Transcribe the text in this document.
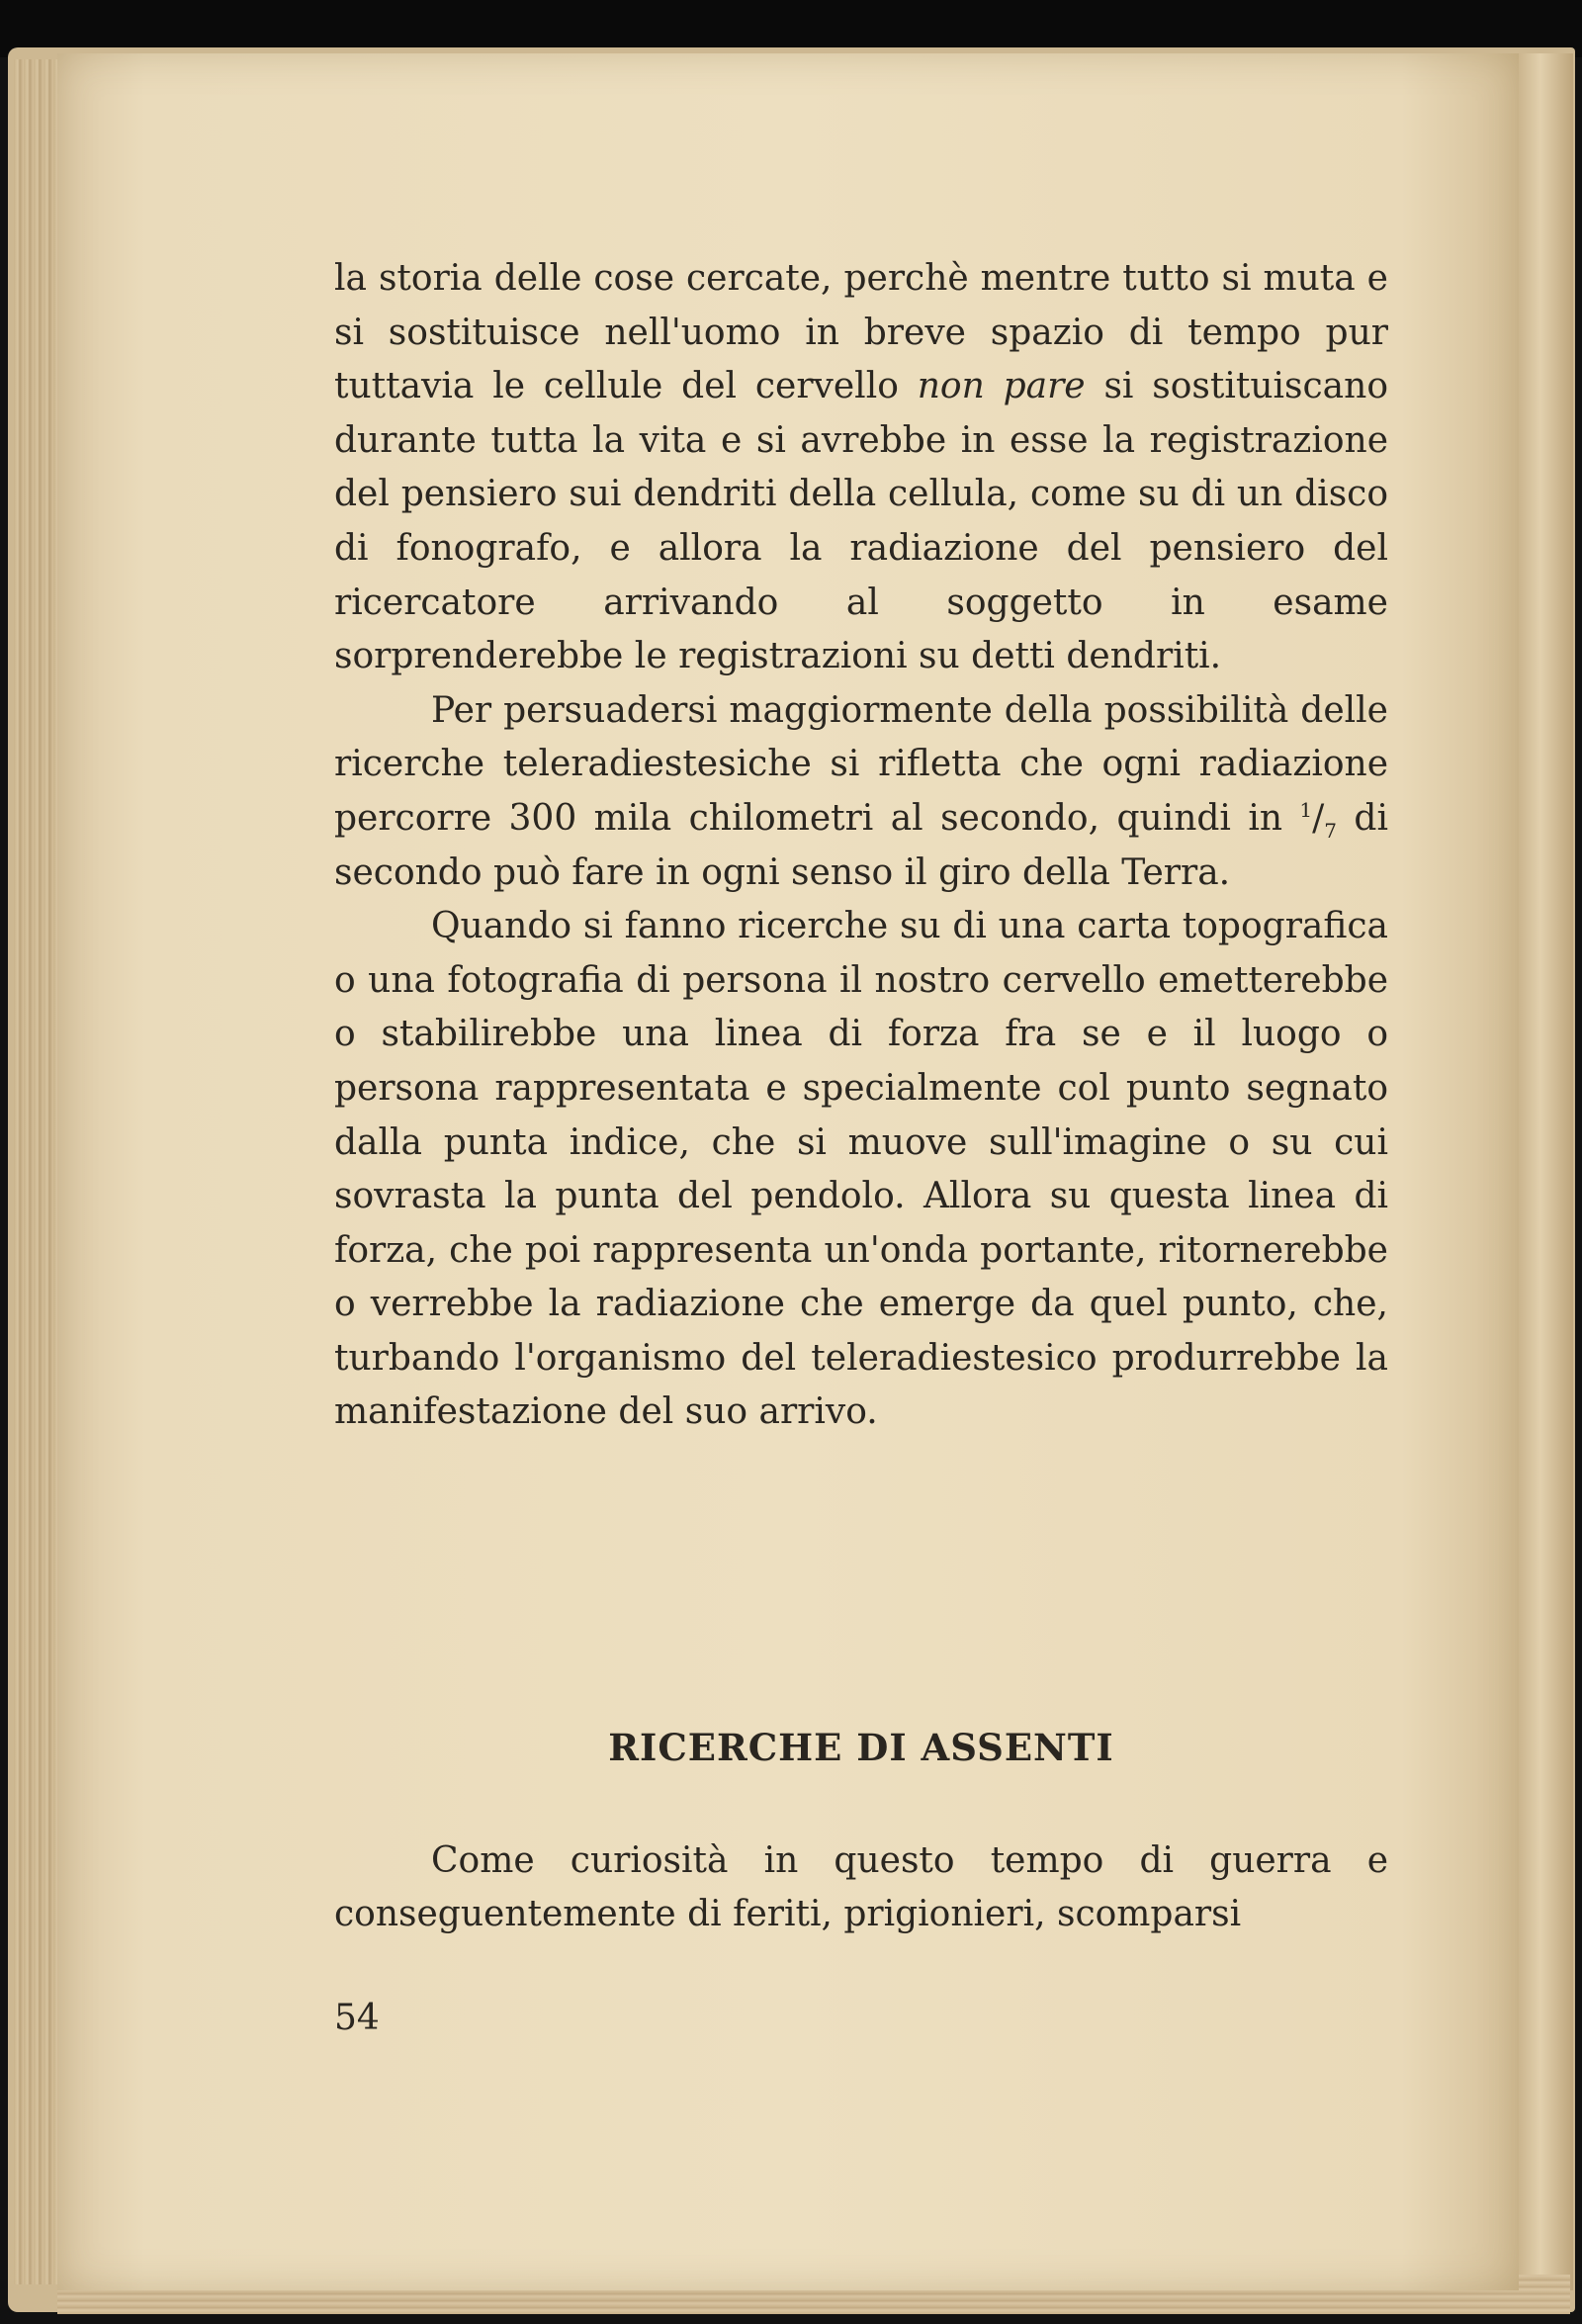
la storia delle cose cercate, perchè mentre tutto si muta e si sostituisce nell'uomo in breve spazio di tempo pur tuttavia le cellule del cervello non pare si sostituiscano durante tutta la vita e si avrebbe in esse la registrazione del pensiero sui dendriti della cellula, come su di un disco di fonografo, e allora la radiazione del pensiero del ricercatore arrivando al soggetto in esame sorprenderebbe le registrazioni su detti dendriti.

Per persuadersi maggiormente della possibilità delle ricerche teleradiestesiche si rifletta che ogni radiazione percorre 300 mila chilometri al secondo, quindi in $^1/_7$ di secondo può fare in ogni senso il giro della Terra.

Quando si fanno ricerche su di una carta topografica o una fotografia di persona il nostro cervello emetterebbe o stabilirebbe una linea di forza fra se e il luogo o persona rappresentata e specialmente col punto segnato dalla punta indice, che si muove sull'imagine o su cui sovrasta la punta del pendolo. Allora su questa linea di forza, che poi rappresenta un'onda portante, ritornerebbe o verrebbe la radiazione che emerge da quel punto, che, turbando l'organismo del teleradiestesico produrrebbe la manifestazione del suo arrivo.

RICERCHE DI ASSENTI

Come curiosità in questo tempo di guerra e conseguentemente di feriti, prigionieri, scomparsi

54
